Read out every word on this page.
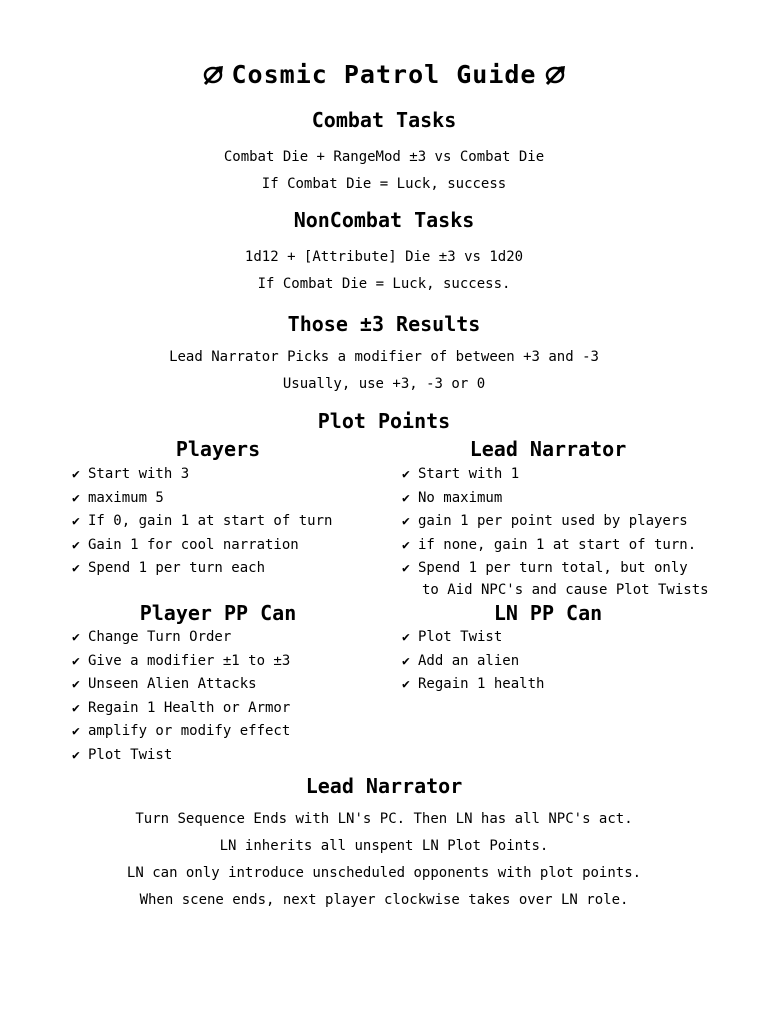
Cosmic Patrol Guide
Combat Tasks
Combat Die + RangeMod ±3 vs Combat Die
If Combat Die = Luck, success
NonCombat Tasks
1d12 + [Attribute] Die ±3 vs 1d20
If Combat Die = Luck, success.
Those ±3 Results
Lead Narrator Picks a modifier of between +3 and -3
Usually, use +3, -3 or 0
Plot Points
Players	Lead Narrator
✔ Start with 3
✔ maximum 5
✔ If 0, gain 1 at start of turn
✔ Gain 1 for cool narration
✔ Spend 1 per turn each
✔ Start with 1
✔ No maximum
✔ gain 1 per point used by players
✔ if none, gain 1 at start of turn.
✔ Spend 1 per turn total, but only
to Aid NPC's and cause Plot Twists
Player PP Can	LN PP Can
✔ Change Turn Order
✔ Give a modifier ±1 to ±3
✔ Unseen Alien Attacks
✔ Regain 1 Health or Armor
✔ amplify or modify effect
✔ Plot Twist
✔ Plot Twist
✔ Add an alien
✔ Regain 1 health
Lead Narrator
Turn Sequence Ends with LN's PC. Then LN has all NPC's act.
LN inherits all unspent LN Plot Points.
LN can only introduce unscheduled opponents with plot points.
When scene ends, next player clockwise takes over LN role.
